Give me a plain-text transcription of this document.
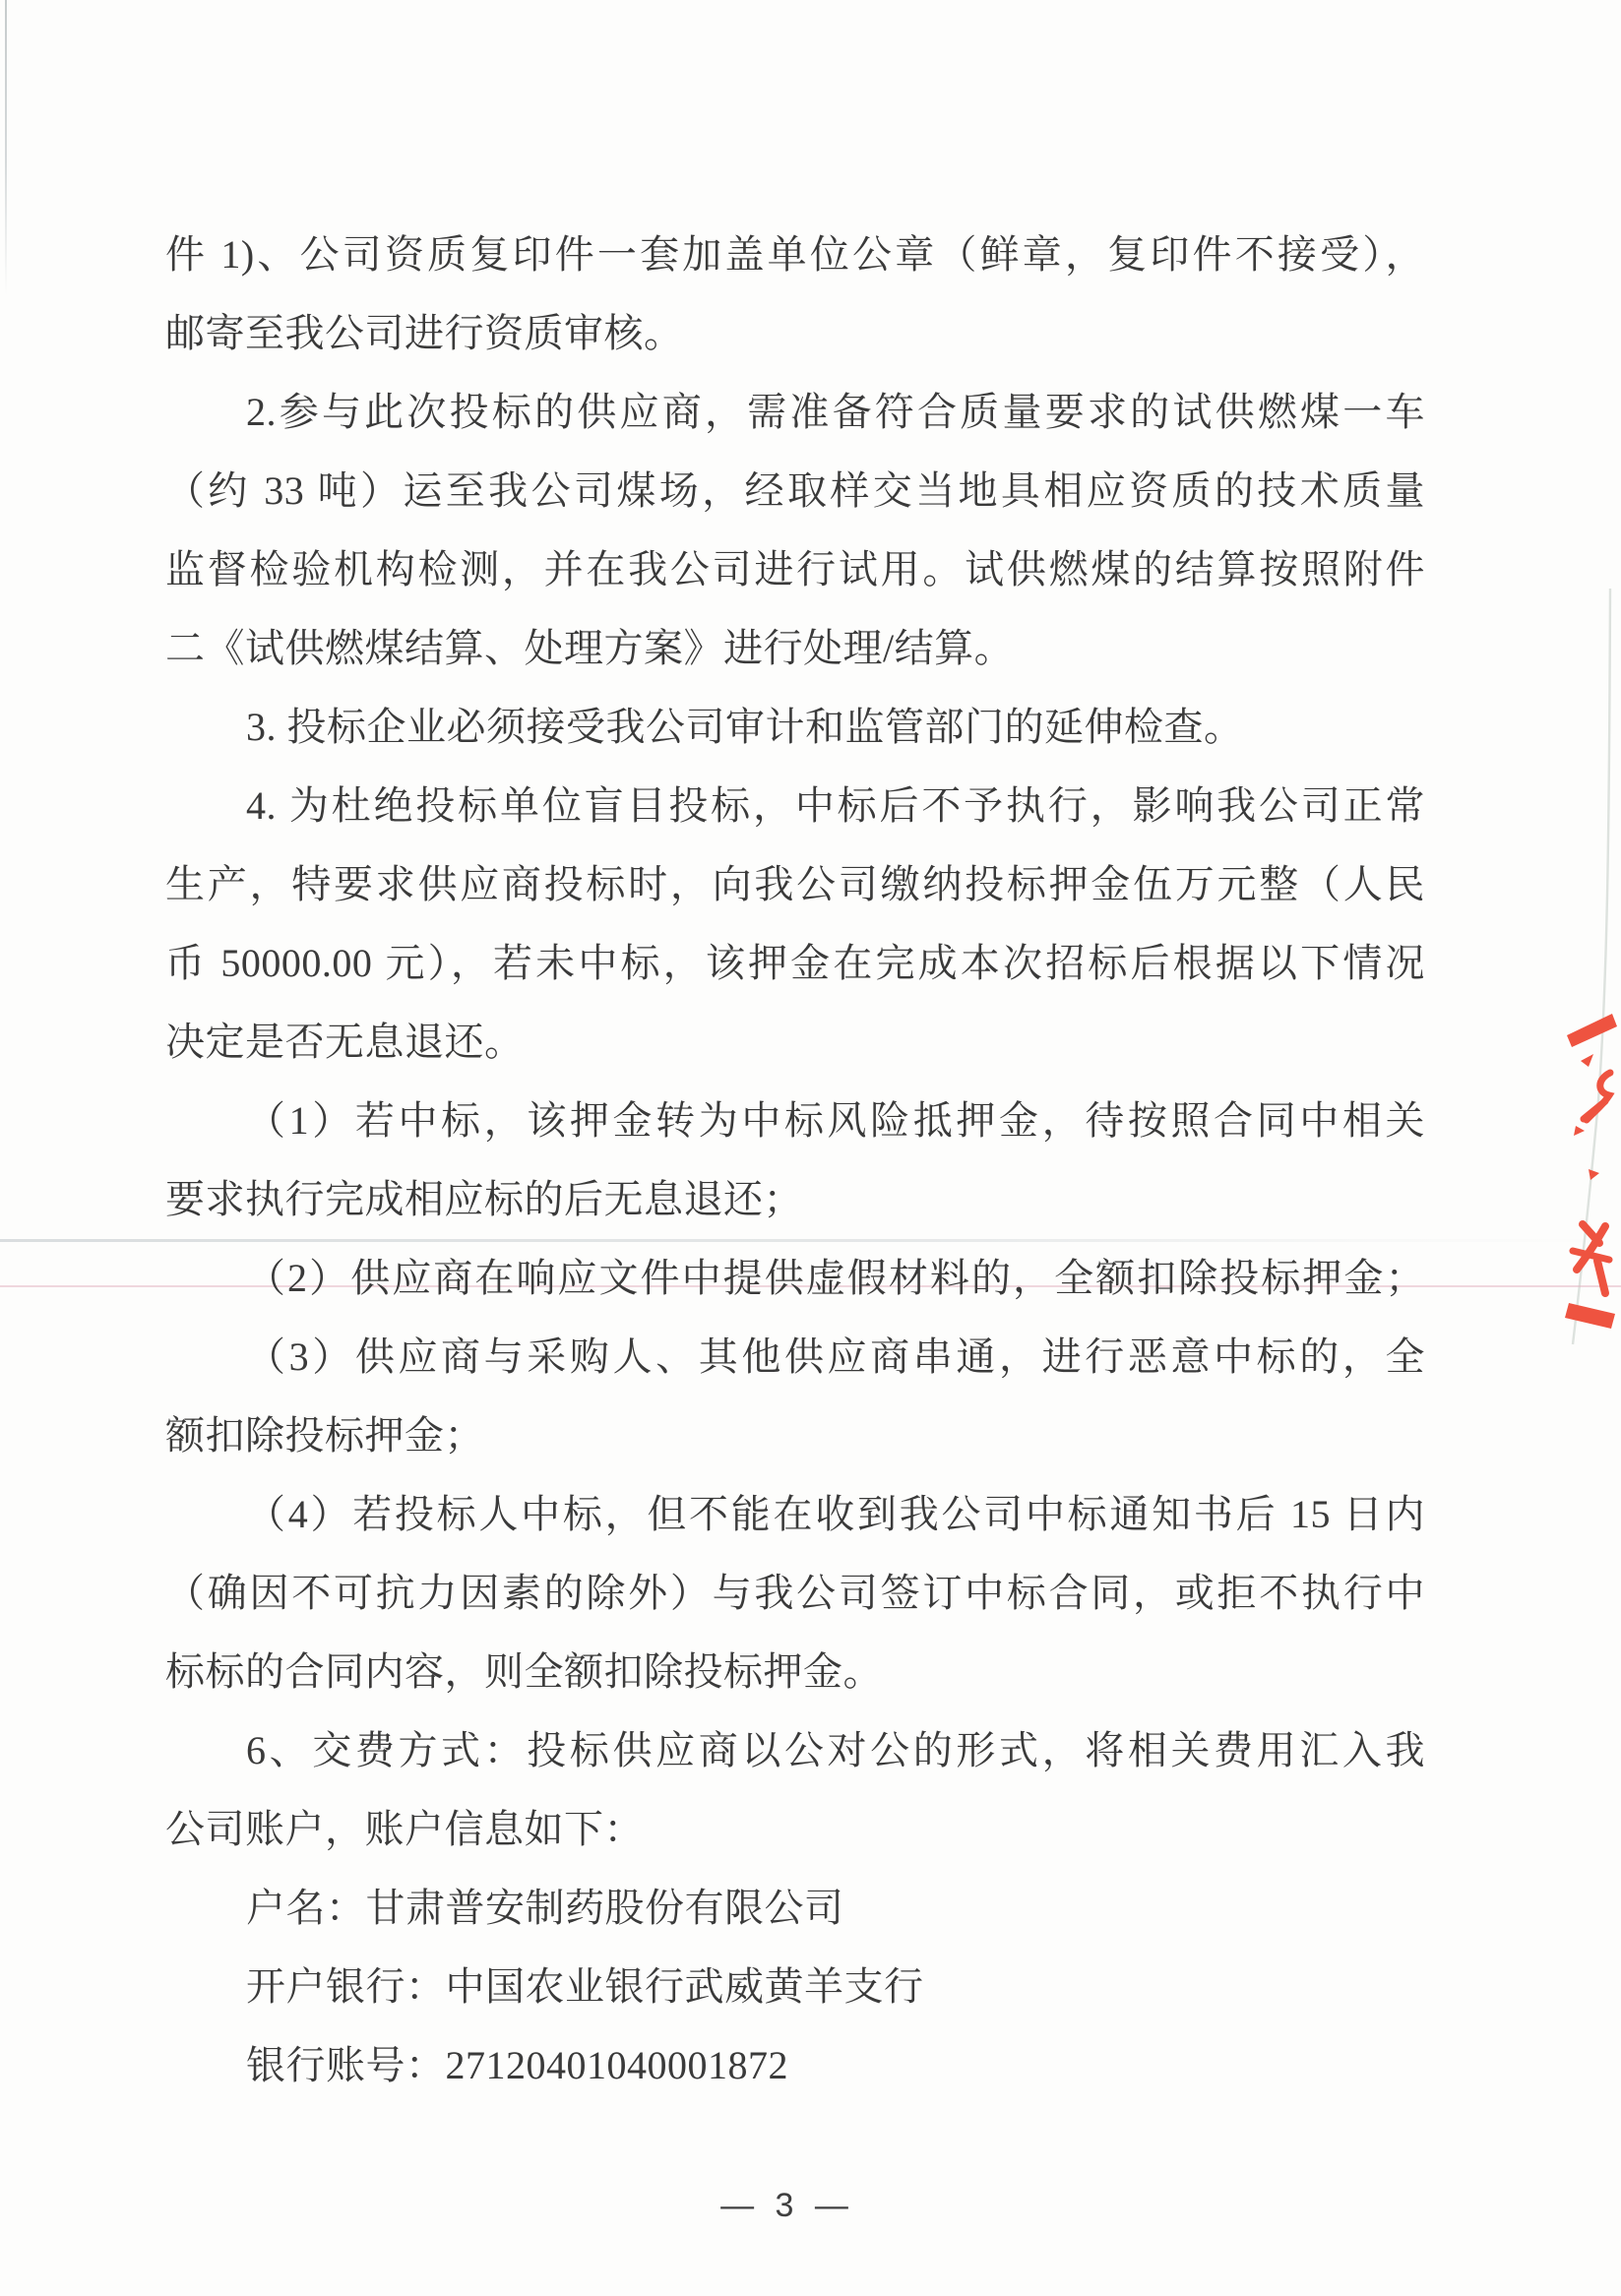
件 1)、公司资质复印件一套加盖单位公章（鲜章，复印件不接受），
邮寄至我公司进行资质审核。
2.参与此次投标的供应商，需准备符合质量要求的试供燃煤一车
（约 33 吨）运至我公司煤场，经取样交当地具相应资质的技术质量
监督检验机构检测，并在我公司进行试用。试供燃煤的结算按照附件
二《试供燃煤结算、处理方案》进行处理/结算。
3. 投标企业必须接受我公司审计和监管部门的延伸检查。
4. 为杜绝投标单位盲目投标，中标后不予执行，影响我公司正常
生产，特要求供应商投标时，向我公司缴纳投标押金伍万元整（人民
币 50000.00 元），若未中标，该押金在完成本次招标后根据以下情况
决定是否无息退还。
（1）若中标，该押金转为中标风险抵押金，待按照合同中相关
要求执行完成相应标的后无息退还；
（2）供应商在响应文件中提供虚假材料的，全额扣除投标押金；
（3）供应商与采购人、其他供应商串通，进行恶意中标的，全
额扣除投标押金；
（4）若投标人中标，但不能在收到我公司中标通知书后 15 日内
（确因不可抗力因素的除外）与我公司签订中标合同，或拒不执行中
标标的合同内容，则全额扣除投标押金。
6、交费方式：投标供应商以公对公的形式，将相关费用汇入我
公司账户，账户信息如下：
户名：甘肃普安制药股份有限公司
开户银行：中国农业银行武威黄羊支行
银行账号：27120401040001872
— 3 —
